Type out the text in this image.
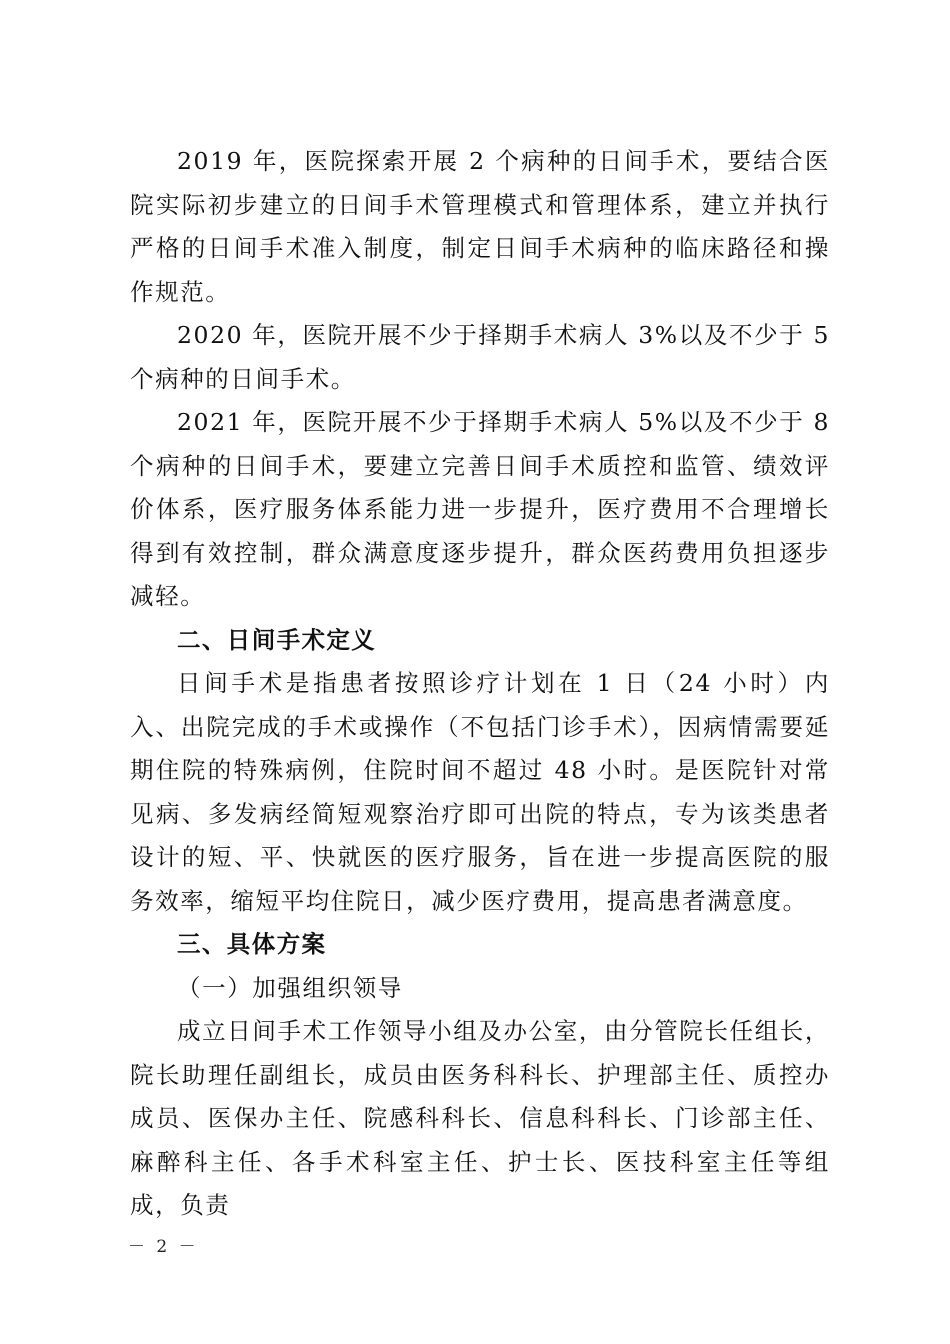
2019 年，医院探索开展 2 个病种的日间手术，要结合医院实际初步建立的日间手术管理模式和管理体系，建立并执行严格的日间手术准入制度，制定日间手术病种的临床路径和操作规范。

2020 年，医院开展不少于择期手术病人 3%以及不少于 5 个病种的日间手术。

2021 年，医院开展不少于择期手术病人 5%以及不少于 8 个病种的日间手术，要建立完善日间手术质控和监管、绩效评价体系，医疗服务体系能力进一步提升，医疗费用不合理增长得到有效控制，群众满意度逐步提升，群众医药费用负担逐步减轻。

二、日间手术定义

日间手术是指患者按照诊疗计划在 1 日（24 小时）内入、出院完成的手术或操作（不包括门诊手术），因病情需要延期住院的特殊病例，住院时间不超过 48 小时。是医院针对常见病、多发病经简短观察治疗即可出院的特点，专为该类患者设计的短、平、快就医的医疗服务，旨在进一步提高医院的服务效率，缩短平均住院日，减少医疗费用，提高患者满意度。

三、具体方案

（一）加强组织领导

成立日间手术工作领导小组及办公室，由分管院长任组长，院长助理任副组长，成员由医务科科长、护理部主任、质控办成员、医保办主任、院感科科长、信息科科长、门诊部主任、麻醉科主任、各手术科室主任、护士长、医技科室主任等组成，负责

－ 2 －
